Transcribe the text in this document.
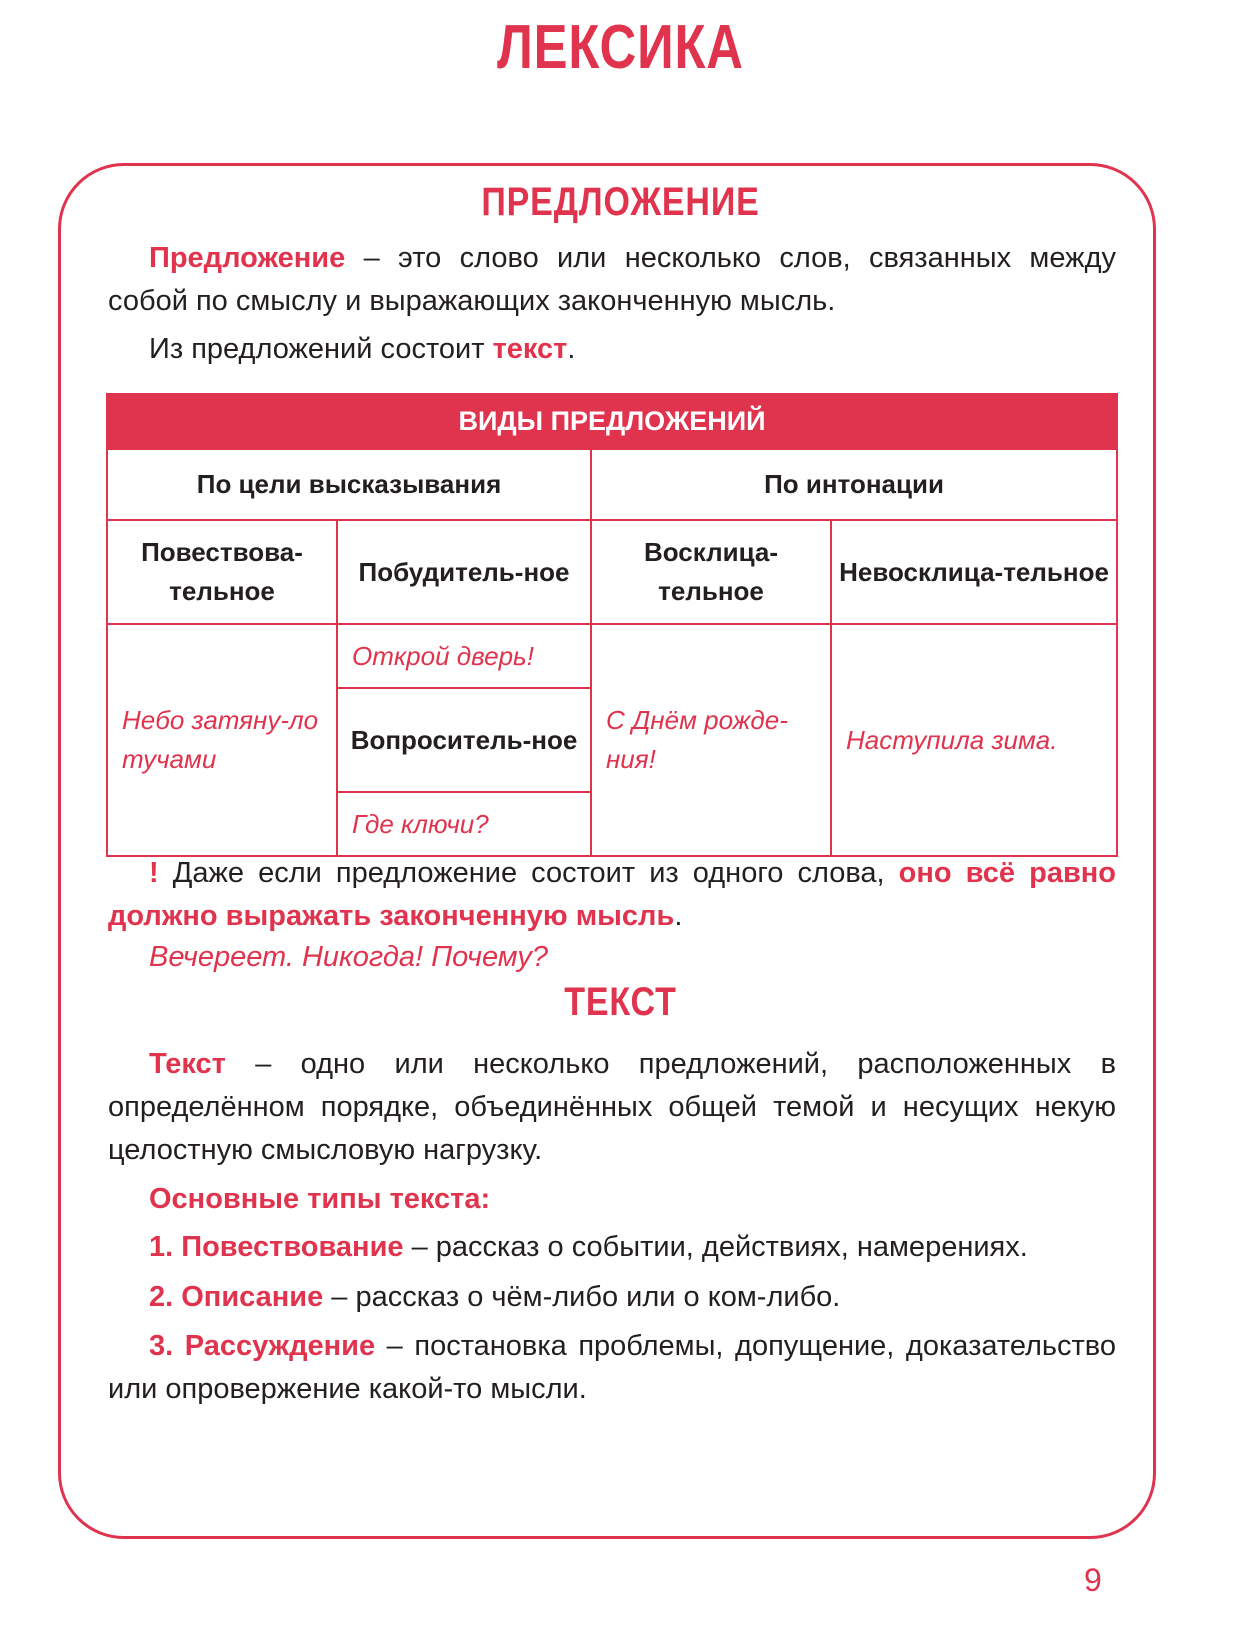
ЛЕКСИКА
ПРЕДЛОЖЕНИЕ
Предложение – это слово или несколько слов, связанных между собой по смыслу и выражающих законченную мысль.
Из предложений состоит текст.
ВИДЫ ПРЕДЛОЖЕНИЙ			
По цели высказывания		По интонации	
Повествова-тельное	Побудитель-ное	Восклица-тельное	Невосклица-тельное
Небо затяну-ло тучами	Открой дверь!	С Днём рожде-ния!	Наступила зима.
	Вопроситель-ное		
	Где ключи?		
! Даже если предложение состоит из одного слова, оно всё равно должно выражать законченную мысль.
Вечереет. Никогда! Почему?
ТЕКСТ
Текст – одно или несколько предложений, расположенных в определённом порядке, объединённых общей темой и несущих некую целостную смысловую нагрузку.
Основные типы текста:
1. Повествование – рассказ о событии, действиях, намерениях.
2. Описание – рассказ о чём-либо или о ком-либо.
3. Рассуждение – постановка проблемы, допущение, доказательство или опровержение какой-то мысли.
9
